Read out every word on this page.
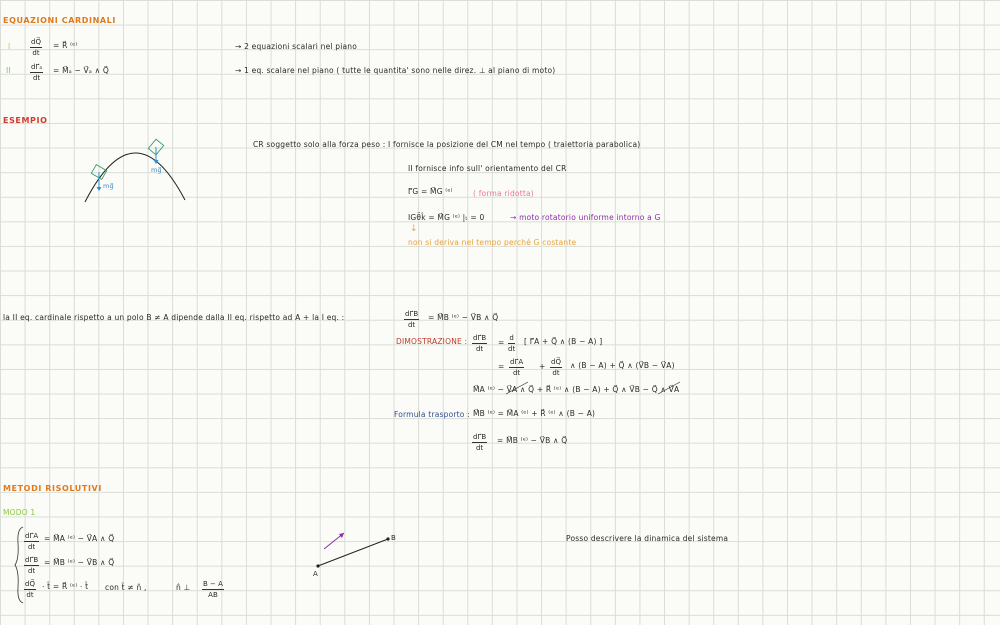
EQUAZIONI CARDINALI
I	$\frac{dQ⃗}{dt}$ = R⃗ ⁽ᵉ⁾	→ 2 equazioni scalari nel piano
II	$\frac{\text{dΓ⃗ₐ}}{dt}$ = M⃗ₐ − V⃗ₐ ∧ Q⃗	→ 1 eq. scalare nel piano ( tutte le quantita' sono nelle direz. ⊥ al piano di moto)
ESEMPIO
mg⃗
mg⃗
CR soggetto solo alla forza peso : I fornisce la posizione del CM nel tempo ( traiettoria parabolica)
II fornisce info sull' orientamento del CR
Γ⃗G = M⃗G ⁽ᵉ⁾	( forma ridotta)
IGθ̈k̂ = M⃗G ⁽ᵉ⁾ |ₜ = 0	→ moto rotatorio uniforme intorno a G
↓
non si deriva nel tempo perché G costante
la II eq. cardinale rispetto a un polo B ≠ A dipende dalla II eq. rispetto ad A + la I eq. :	$\frac{d\Gamma⃗B}{dt}$ = M⃗B ⁽ᵉ⁾ − V⃗B ∧ Q⃗
DIMOSTRAZIONE : $\frac{d\Gamma⃗B}{dt} = \frac{d}{dt}$ [ Γ⃗A + Q⃗ ∧ (B − A) ]
= $\frac{d\Gamma⃗A}{dt} + \frac{dQ⃗}{dt}$ ∧ (B − A) + Q⃗ ∧ (V⃗B − V⃗A)
M⃗A ⁽ᵉ⁾ − V⃗A ∧ Q⃗ + R⃗ ⁽ᵉ⁾ ∧ (B − A) + Q⃗ ∧ V⃗B − Q⃗ ∧ V⃗A
Formula trasporto : M⃗B ⁽ᵉ⁾ = M⃗A ⁽ᵉ⁾ + R⃗ ⁽ᵉ⁾ ∧ (B − A)
$\frac{d\Gamma⃗B}{dt}$ = M⃗B ⁽ᵉ⁾ − V⃗B ∧ Q⃗
METODI RISOLUTIVI
MODO 1
$\frac{d\Gamma⃗A}{dt}$ = M⃗A ⁽ᵉ⁾ − V⃗A ∧ Q⃗
$\frac{d\Gamma⃗B}{dt}$ = M⃗B ⁽ᵉ⁾ − V⃗B ∧ Q⃗
$\frac{dQ⃗}{dt}$ ⋅ t̂ = R⃗ ⁽ᵉ⁾ ⋅ t̂ con t̂ ≠ n̂ ,	n̂ ⊥ $\frac{B - A}{AB}$
A
B	Posso descrivere la dinamica del sistema
